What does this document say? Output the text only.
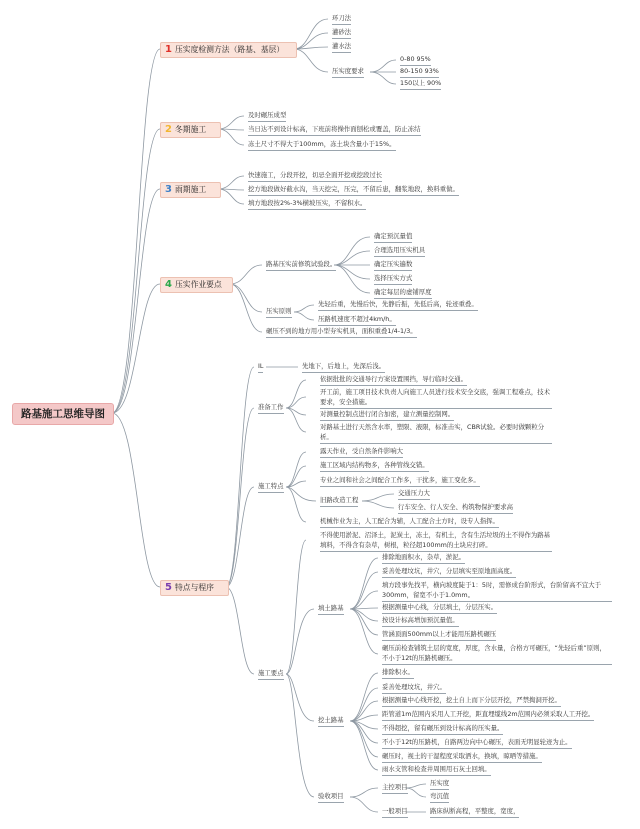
路基施工思维导图
1 压实度检测方法（路基、基层）
环刀法
灌砂法
灌水法
压实度要求
0-80 95%
80-150 93%
150以上 90%
2 冬期施工
及时碾压成型
当日达不到设计标高，下班前将操作面刨松或覆盖，防止冻结
冻土尺寸不得大于100mm，冻土块含量小于15%。
3 雨期施工
快速施工，分段开挖，切忌全面开挖或挖段过长
挖方地段做好截水沟，当天挖完，压完，不留后患，翻浆地段，换料重做。
填方地段按2%-3%横坡压实，不留积水。
4 压实作业要点
路基压实前修筑试验段。
确定预沉量值
合理选用压实机具
确定压实遍数
选择压实方式
确定每层的虚铺厚度
压实原则
先轻后重，先慢后快，先静后振，先低后高，轮迹重叠。
压路机速度不超过4km/h。
碾压不到的地方用小型夯实机具，面积重叠1/4-1/3。
5 特点与程序
IL	先地下，后地上，先深后浅。
准备工作
依据批批的交通导行方案设置围挡，导行临时交通。
开工前，施工项目技术负责人向施工人员进行技术安全交底，强调工程难点，技术要求，安全措施。
对测量控制点进行闭合加密，建立测量控制网。
对路基土进行天然含水率，塑限、液限，标准击实，CBR试验。必要时做颗粒分析。
施工特点
露天作业，受自然条件影响大
施工区域内结构物多，各种管线交错。
专业之间和社会之间配合工作多，干扰多，施工变化多。
旧路改造工程
交通压力大
行车安全、行人安全、构筑物保护要求高
机械作业为主，人工配合为辅，人工配合土方时，设专人指挥。
施工要点
不得使用淤泥、沼泽土，泥炭土，冻土，有机土，含有生活垃圾的土不得作为路基填料，不得含有杂草，树根，粒径超100mm的土块应打碎。
填土路基
排除地面积水，杂草，淤泥。
妥善处理坟坑，井穴，分层填实至原地面高度。
填方段事先找平，横向坡度陡于1：5时，需修成台阶形式，台阶留高不宜大于300mm，留宽不小于1.0mm。
根据测量中心线，分层填土，分层压实。
按设计标高增加预沉量值。
管涵顶面500mm以上才能用压路机碾压
碾压前检查铺筑土层的宽度，厚度，含水量，合格方可碾压，“先轻后重”原则，不小于12t的压路机碾压。
挖土路基
排除积水。
妥善处理坟坑，井穴。
根据测量中心线开挖，挖土自上而下分层开挖，严禁掏洞开挖。
距管道1m范围内采用人工开挖，距直埋缆线2m范围内必须采取人工开挖。
不得超挖，留有碾压到设计标高的压实量。
不小于12t的压路机，自路两边向中心碾压，表面无明显轮迹为止。
碾压时，视土的干湿程度采取洒水，换填，晾晒等措施。
雨水支管和检查井周围用石灰土回填。
验收项目
主控项目	压实度
弯沉值
一般项目	路床纵断高程，平整度，宽度，
